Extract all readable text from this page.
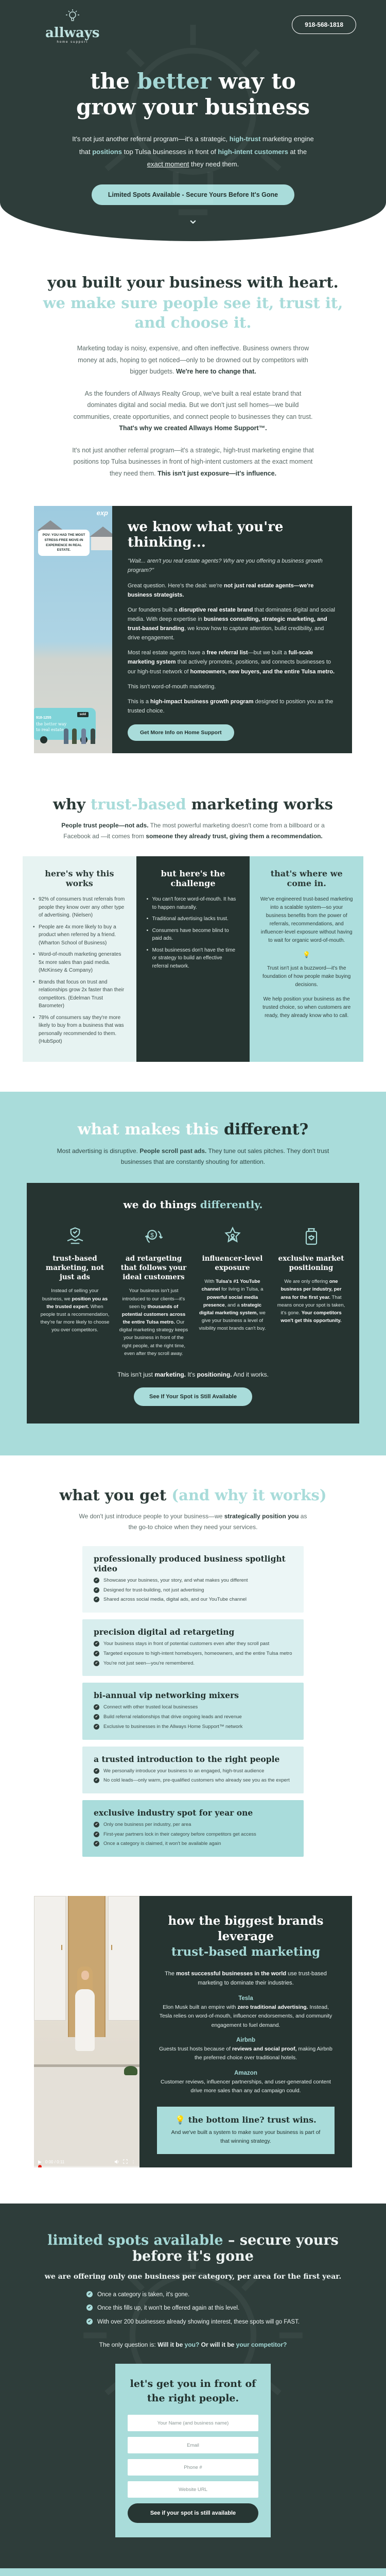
allways
home support
918-568-1818
the better way to
grow your business

It's not just another referral program—it's a strategic, high-trust marketing engine that positions top Tulsa businesses in front of high-intent customers at the exact moment they need them.

Limited Spots Available - Secure Yours Before It's Gone
⌄
you built your business with heart.
we make sure people see it, trust it, and choose it.

Marketing today is noisy, expensive, and often ineffective. Business owners throw money at ads, hoping to get noticed—only to be drowned out by competitors with bigger budgets. We're here to change that.

As the founders of Allways Realty Group, we've built a real estate brand that dominates digital and social media. But we don't just sell homes—we build communities, create opportunities, and connect people to businesses they can trust. That's why we created Allways Home Support™.

It's not just another referral program—it's a strategic, high-trust marketing engine that positions top Tulsa businesses in front of high-intent customers at the exact moment they need them. This isn't just exposure—it's influence.

exp
POV: YOU HAD THE MOST STRESS-FREE MOVE-IN EXPERIENCE IN REAL ESTATE.
918-1255
the better way
to real estate
sold
we know what you're thinking...

"Wait... aren't you real estate agents? Why are you offering a business growth program?"

Great question. Here's the deal: we're not just real estate agents—we're business strategists.

Our founders built a disruptive real estate brand that dominates digital and social media. With deep expertise in business consulting, strategic marketing, and trust-based branding, we know how to capture attention, build credibility, and drive engagement.

Most real estate agents have a free referral list—but we built a full-scale marketing system that actively promotes, positions, and connects businesses to our high-trust network of homeowners, new buyers, and the entire Tulsa metro.

This isn't word-of-mouth marketing.

This is a high-impact business growth program designed to position you as the trusted choice.

Get More Info on Home Support
why trust-based marketing works

People trust people—not ads. The most powerful marketing doesn't come from a billboard or a Facebook ad —it comes from someone they already trust, giving them a recommendation.

here's why this works
• 92% of consumers trust referrals from people they know over any other type of advertising. (Nielsen)
• People are 4x more likely to buy a product when referred by a friend. (Wharton School of Business)
• Word-of-mouth marketing generates 5x more sales than paid media. (McKinsey & Company)
• Brands that focus on trust and relationships grow 2x faster than their competitors. (Edelman Trust Barometer)
• 78% of consumers say they're more likely to buy from a business that was personally recommended to them. (HubSpot)
but here's the challenge
• You can't force word-of-mouth. It has to happen naturally.
• Traditional advertising lacks trust.
• Consumers have become blind to paid ads.
• Most businesses don't have the time or strategy to build an effective referral network.
that's where we come in.

We've engineered trust-based marketing into a scalable system—so your business benefits from the power of referrals, recommendations, and influencer-level exposure without having to wait for organic word-of-mouth.

💡

Trust isn't just a buzzword—it's the foundation of how people make buying decisions.

We help position your business as the trusted choice, so when customers are ready, they already know who to call.

what makes this different?

Most advertising is disruptive. People scroll past ads. They tune out sales pitches. They don't trust businesses that are constantly shouting for attention.

we do things differently.
trust-based marketing, not just ads

Instead of selling your business, we position you as the trusted expert. When people trust a recommendation, they're far more likely to choose you over competitors.

$
ad retargeting that follows your ideal customers

Your business isn't just introduced to our clients—it's seen by thousands of potential customers across the entire Tulsa metro. Our digital marketing strategy keeps your business in front of the right people, at the right time, even after they scroll away.

influencer-level exposure

With Tulsa's #1 YouTube channel for living in Tulsa, a powerful social media presence, and a strategic digital marketing system, we give your business a level of visibility most brands can't buy.

exclusive market positioning

We are only offering one business per industry, per area for the first year. That means once your spot is taken, it's gone. Your competitors won't get this opportunity.

This isn't just marketing. It's positioning. And it works.

See If Your Spot is Still Available
what you get (and why it works)

We don't just introduce people to your business—we strategically position you as the go-to choice when they need your services.

professionally produced business spotlight video
✔ Showcase your business, your story, and what makes you different
✔ Designed for trust-building, not just advertising
✔ Shared across social media, digital ads, and our YouTube channel
precision digital ad retargeting
✔ Your business stays in front of potential customers even after they scroll past
✔ Targeted exposure to high-intent homebuyers, homeowners, and the entire Tulsa metro
✔ You're not just seen—you're remembered.
bi-annual vip networking mixers
✔ Connect with other trusted local businesses
✔ Build referral relationships that drive ongoing leads and revenue
✔ Exclusive to businesses in the Allways Home Support™ network
a trusted introduction to the right people
✔ We personally introduce your business to an engaged, high-trust audience
✔ No cold leads—only warm, pre-qualified customers who already see you as the expert
exclusive industry spot for year one
✔ Only one business per industry, per area
✔ First-year partners lock in their category before competitors get access
✔ Once a category is claimed, it won't be available again
▶ 0:00 / 0:11	⋮
how the biggest brands leverage
trust-based marketing

The most successful businesses in the world use trust-based marketing to dominate their industries.

Tesla

Elon Musk built an empire with zero traditional advertising. Instead, Tesla relies on word-of-mouth, influencer endorsements, and community engagement to fuel demand.

Airbnb

Guests trust hosts because of reviews and social proof, making Airbnb the preferred choice over traditional hotels.

Amazon

Customer reviews, influencer partnerships, and user-generated content drive more sales than any ad campaign could.

💡 the bottom line? trust wins.

And we've built a system to make sure your business is part of that winning strategy.

limited spots available – secure yours before it's gone

we are offering only one business per category, per area for the first year.

✔ Once a category is taken, it's gone.
✔ Once this fills up, it won't be offered again at this level.
✔ With over 200 businesses already showing interest, these spots will go FAST.

The only question is: Will it be you? Or will it be your competitor?

let's get you in front of the right people.
Your Name (and business name)
Email
Phone #
Website URL
See if your spot is still available
